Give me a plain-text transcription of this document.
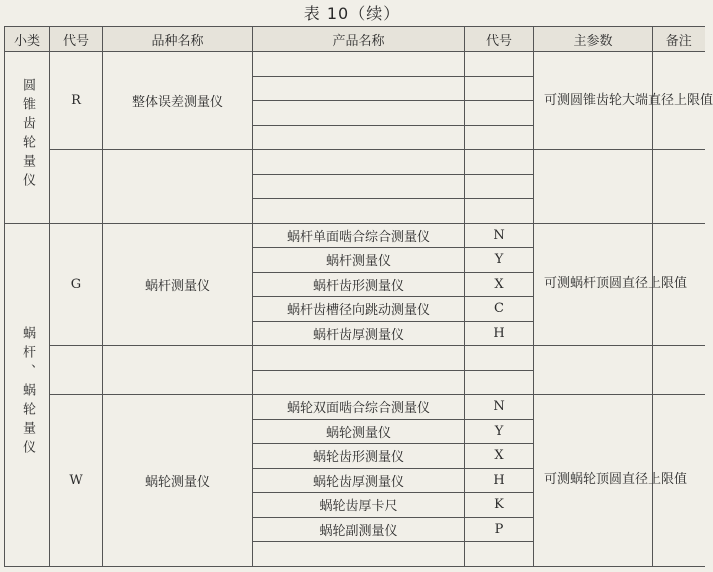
表 10（续）
小类	代号	品种名称	产品名称	代号	主参数	备注
圆锥齿轮量仪	R	整体误差测量仪			可测圆锥齿轮大端直径上限值	

蜗杆、蜗轮量仪	G	蜗杆测量仪	蜗杆单面啮合综合测量仪	N	可测蜗杆顶圆直径上限值	
			蜗杆测量仪	Y		
			蜗杆齿形测量仪	X		
			蜗杆齿槽径向跳动测量仪	C		
			蜗杆齿厚测量仪	H		

	W	蜗轮测量仪	蜗轮双面啮合综合测量仪	N	可测蜗轮顶圆直径上限值	
			蜗轮测量仪	Y		
			蜗轮齿形测量仪	X		
			蜗轮齿厚测量仪	H		
			蜗轮齿厚卡尺	K		
			蜗轮副测量仪	P		
